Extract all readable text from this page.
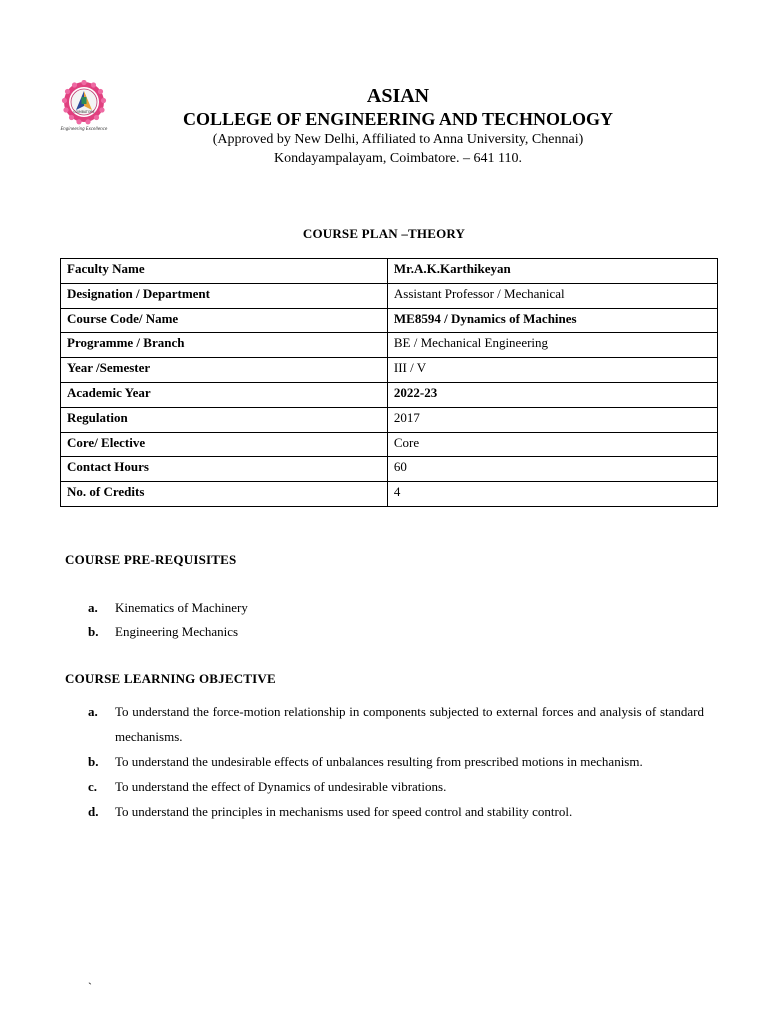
COIMBATORE
Engineering Excellence
ASIAN
COLLEGE OF ENGINEERING AND TECHNOLOGY
(Approved by New Delhi, Affiliated to Anna University, Chennai)
Kondayampalayam, Coimbatore. – 641 110.
COURSE PLAN –THEORY
Faculty Name	Mr.A.K.Karthikeyan
Designation / Department	Assistant Professor / Mechanical
Course Code/ Name	ME8594 / Dynamics of Machines
Programme / Branch	BE / Mechanical Engineering
Year /Semester	III / V
Academic Year	2022-23
Regulation	2017
Core/ Elective	Core
Contact Hours	60
No. of Credits	4
COURSE PRE-REQUISITES
a.	Kinematics of Machinery
b.	Engineering Mechanics
COURSE LEARNING OBJECTIVE
a.	To understand the force-motion relationship in components subjected to external forces and analysis of standard mechanisms.
b.	To understand the undesirable effects of unbalances resulting from prescribed motions in mechanism.
c.	To understand the effect of Dynamics of undesirable vibrations.
d.	To understand the principles in mechanisms used for speed control and stability control.
`
